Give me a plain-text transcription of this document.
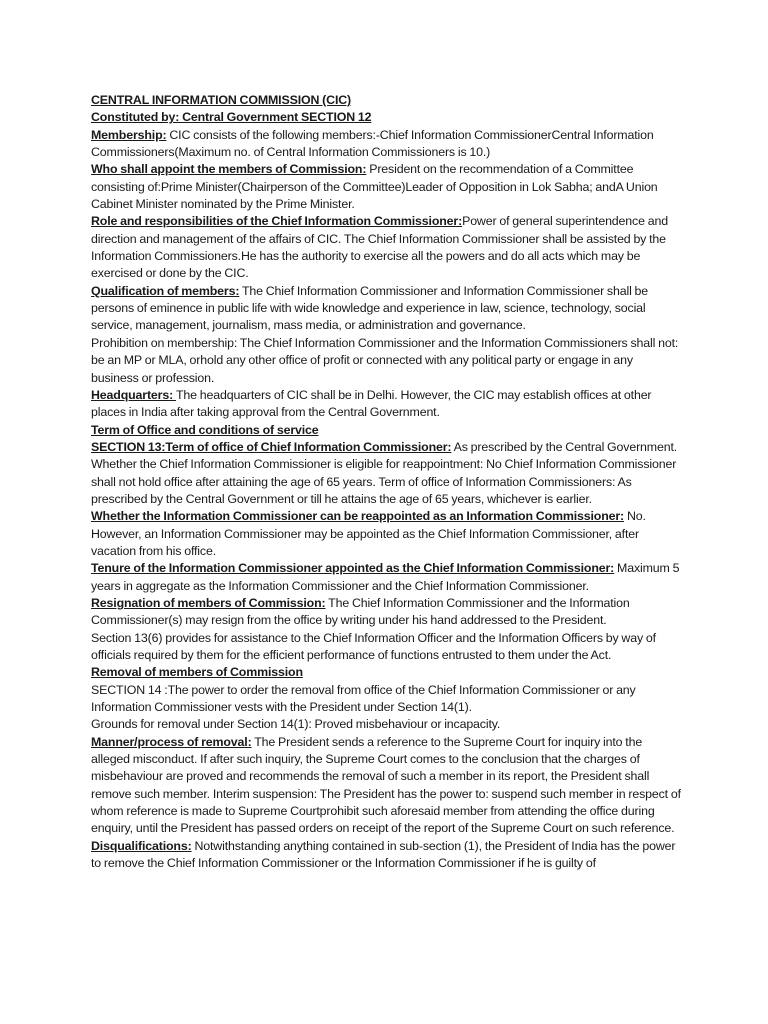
CENTRAL INFORMATION COMMISSION (CIC)

Constituted by: Central Government SECTION 12

Membership: CIC consists of the following members:-Chief Information CommissionerCentral Information Commissioners(Maximum no. of Central Information Commissioners is 10.)

Who shall appoint the members of Commission: President on the recommendation of a Committee consisting of:Prime Minister(Chairperson of the Committee)Leader of Opposition in Lok Sabha; andA Union Cabinet Minister nominated by the Prime Minister.

Role and responsibilities of the Chief Information Commissioner:Power of general superintendence and direction and management of the affairs of CIC. The Chief Information Commissioner shall be assisted by the Information Commissioners.He has the authority to exercise all the powers and do all acts which may be exercised or done by the CIC.

Qualification of members: The Chief Information Commissioner and Information Commissioner shall be persons of eminence in public life with wide knowledge and experience in law, science, technology, social service, management, journalism, mass media, or administration and governance.

Prohibition on membership: The Chief Information Commissioner and the Information Commissioners shall not: be an MP or MLA, orhold any other office of profit or connected with any political party or engage in any business or profession.

Headquarters: The headquarters of CIC shall be in Delhi. However, the CIC may establish offices at other places in India after taking approval from the Central Government.

Term of Office and conditions of service

SECTION 13:Term of office of Chief Information Commissioner: As prescribed by the Central Government. Whether the Chief Information Commissioner is eligible for reappointment: No Chief Information Commissioner shall not hold office after attaining the age of 65 years. Term of office of Information Commissioners: As prescribed by the Central Government or till he attains the age of 65 years, whichever is earlier.

Whether the Information Commissioner can be reappointed as an Information Commissioner: No. However, an Information Commissioner may be appointed as the Chief Information Commissioner, after vacation from his office.

Tenure of the Information Commissioner appointed as the Chief Information Commissioner: Maximum 5 years in aggregate as the Information Commissioner and the Chief Information Commissioner.

Resignation of members of Commission: The Chief Information Commissioner and the Information Commissioner(s) may resign from the office by writing under his hand addressed to the President.

Section 13(6) provides for assistance to the Chief Information Officer and the Information Officers by way of officials required by them for the efficient performance of functions entrusted to them under the Act.

Removal of members of Commission

SECTION 14 :The power to order the removal from office of the Chief Information Commissioner or any Information Commissioner vests with the President under Section 14(1).

Grounds for removal under Section 14(1): Proved misbehaviour or incapacity.

Manner/process of removal: The President sends a reference to the Supreme Court for inquiry into the alleged misconduct. If after such inquiry, the Supreme Court comes to the conclusion that the charges of misbehaviour are proved and recommends the removal of such a member in its report, the President shall remove such member. Interim suspension: The President has the power to: suspend such member in respect of whom reference is made to Supreme Courtprohibit such aforesaid member from attending the office during enquiry, until the President has passed orders on receipt of the report of the Supreme Court on such reference.

Disqualifications: Notwithstanding anything contained in sub-section (1), the President of India has the power to remove the Chief Information Commissioner or the Information Commissioner if he is guilty of
